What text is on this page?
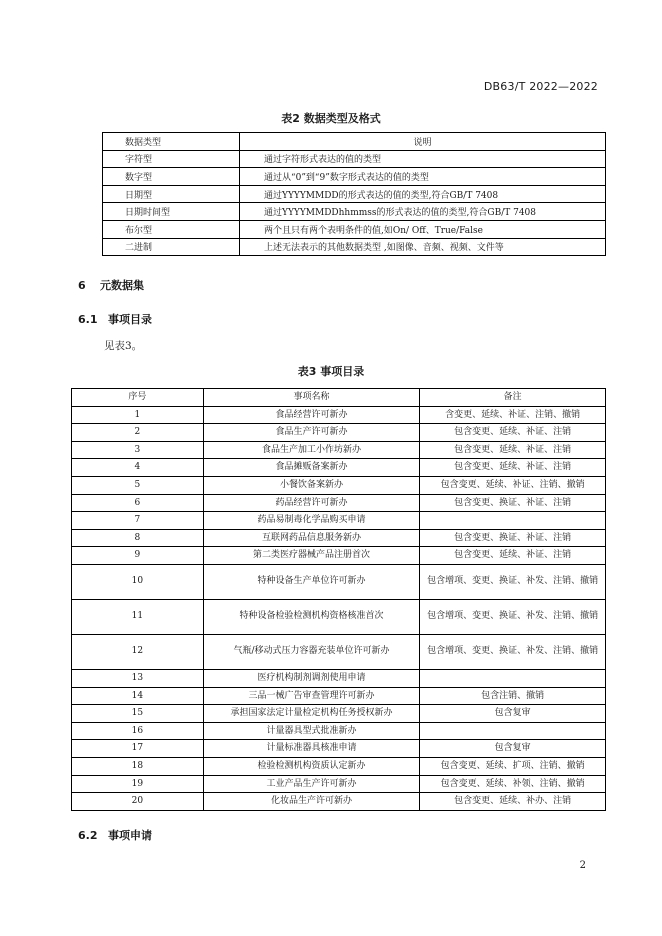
DB63/T 2022—2022
表2 数据类型及格式
数据类型	说明
字符型	通过字符形式表达的值的类型
数字型	通过从“0”到“9”数字形式表达的值的类型
日期型	通过YYYYMMDD的形式表达的值的类型,符合GB/T 7408
日期时间型	通过YYYYMMDDhhmmss的形式表达的值的类型,符合GB/T 7408
布尔型	两个且只有两个表明条件的值,如On/ Off、True/False
二进制	上述无法表示的其他数据类型 ,如图像、音频、视频、文件等
6 元数据集
6.1 事项目录
见表3。
表3 事项目录
序号	事项名称	备注
1	食品经营许可新办	含变更、延续、补证、注销、撤销
2	食品生产许可新办	包含变更、延续、补证、注销
3	食品生产加工小作坊新办	包含变更、延续、补证、注销
4	食品摊贩备案新办	包含变更、延续、补证、注销
5	小餐饮备案新办	包含变更、延续、补证、注销、撤销
6	药品经营许可新办	包含变更、换证、补证、注销
7	药品易制毒化学品购买申请	
8	互联网药品信息服务新办	包含变更、换证、补证、注销
9	第二类医疗器械产品注册首次	包含变更、延续、补证、注销
10	特种设备生产单位许可新办	包含增项、变更、换证、补发、注销、撤销
11	特种设备检验检测机构资格核准首次	包含增项、变更、换证、补发、注销、撤销
12	气瓶/移动式压力容器充装单位许可新办	包含增项、变更、换证、补发、注销、撤销
13	医疗机构制剂调剂使用申请	
14	三品一械广告审查管理许可新办	包含注销、撤销
15	承担国家法定计量检定机构任务授权新办	包含复审
16	计量器具型式批准新办	
17	计量标准器具核准申请	包含复审
18	检验检测机构资质认定新办	包含变更、延续、扩项、注销、撤销
19	工业产品生产许可新办	包含变更、延续、补领、注销、撤销
20	化妆品生产许可新办	包含变更、延续、补办、注销
6.2 事项申请
2
